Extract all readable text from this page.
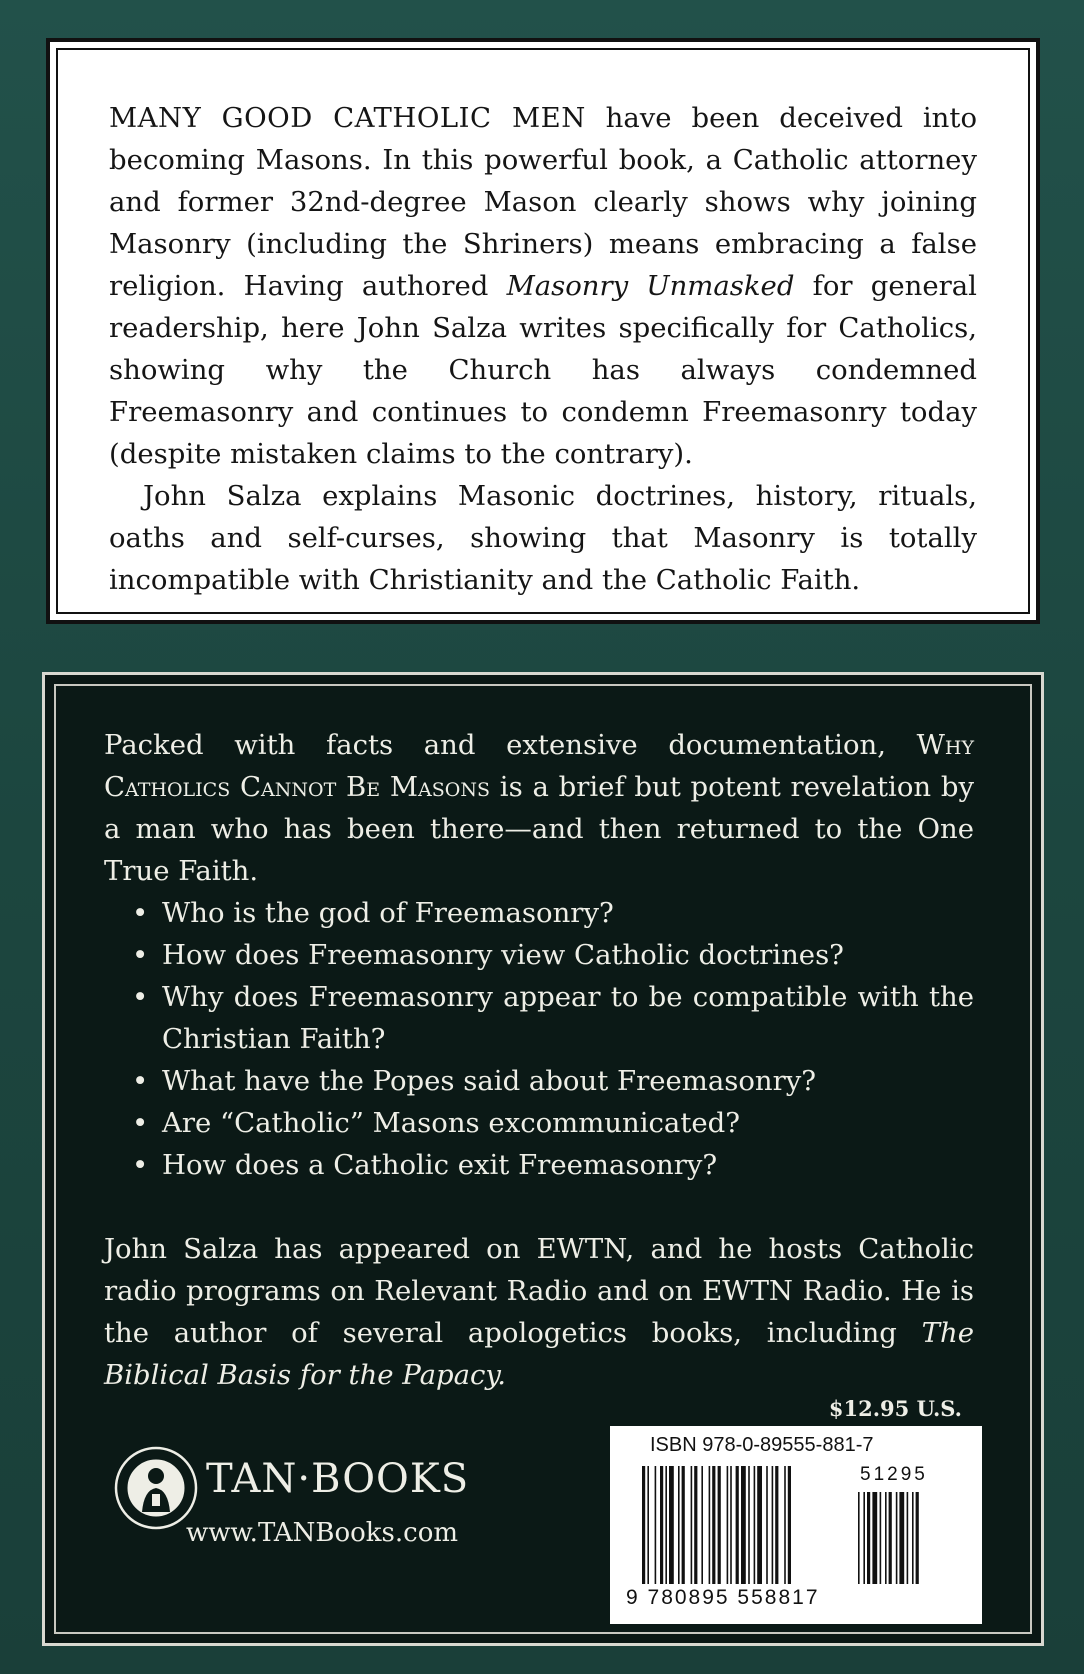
MANY GOOD CATHOLIC MEN have been deceived into becoming Masons. In this powerful book, a Catholic attorney and former 32nd-degree Mason clearly shows why joining Masonry (including the Shriners) means embracing a false religion. Having authored Masonry Unmasked for general readership, here John Salza writes specifically for Catholics, showing why the Church has always condemned Freemasonry and continues to condemn Freemasonry today (despite mistaken claims to the contrary).

John Salza explains Masonic doctrines, history, rituals, oaths and self-curses, showing that Masonry is totally incompatible with Christianity and the Catholic Faith.

Packed with facts and extensive documentation, Why Catholics Cannot Be Masons is a brief but potent revelation by a man who has been there—and then returned to the One True Faith.

• Who is the god of Freemasonry?
• How does Freemasonry view Catholic doctrines?
• Why does Freemasonry appear to be compatible with the Christian Faith?
• What have the Popes said about Freemasonry?
• Are “Catholic” Masons excommunicated?
• How does a Catholic exit Freemasonry?

John Salza has appeared on EWTN, and he hosts Catholic radio programs on Relevant Radio and on EWTN Radio. He is the author of several apologetics books, including The Biblical Basis for the Papacy.

$12.95 U.S.
TAN·BOOKS
www.TANBooks.com
ISBN 978-0-89555-881-7
51295
9 780895 558817
